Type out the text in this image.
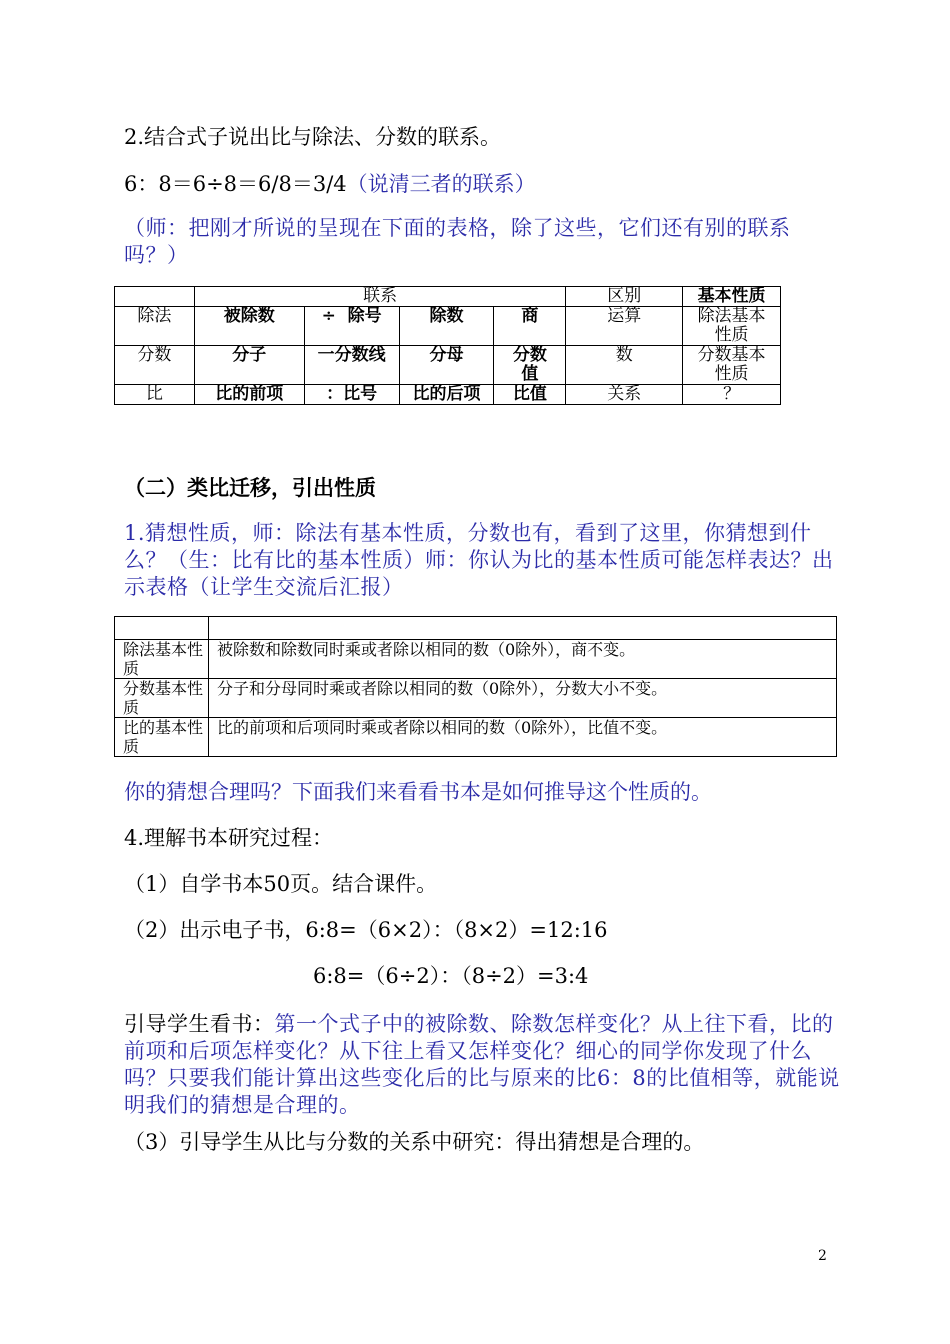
2.结合式子说出比与除法、分数的联系。
6：8＝6÷8＝6/8＝3/4（说清三者的联系）
（师：把刚才所说的呈现在下面的表格，除了这些，它们还有别的联系吗？）
	联系				区别	基本性质
除法	被除数	÷  除号	除数	商	运算	除法基本性质
分数	分子	一分数线	分母	分数值	数	分数基本性质
比	比的前项	：比号	比的后项	比值	关系	？
（二）类比迁移，引出性质
1.猜想性质，师：除法有基本性质，分数也有，看到了这里，你猜想到什么？（生：比有比的基本性质）师：你认为比的基本性质可能怎样表达？出示表格（让学生交流后汇报）

除法基本性质	被除数和除数同时乘或者除以相同的数（0除外），商不变。
分数基本性质	分子和分母同时乘或者除以相同的数（0除外），分数大小不变。
比的基本性质	比的前项和后项同时乘或者除以相同的数（0除外），比值不变。
你的猜想合理吗？下面我们来看看书本是如何推导这个性质的。
4.理解书本研究过程：
（1）自学书本50页。结合课件。
（2）出示电子书，6:8=（6×2）：（8×2）=12:16
6:8=（6÷2）：（8÷2）=3:4
引导学生看书：第一个式子中的被除数、除数怎样变化？从上往下看，比的前项和后项怎样变化？从下往上看又怎样变化？细心的同学你发现了什么吗？只要我们能计算出这些变化后的比与原来的比6：8的比值相等，就能说明我们的猜想是合理的。
（3）引导学生从比与分数的关系中研究：得出猜想是合理的。
2
